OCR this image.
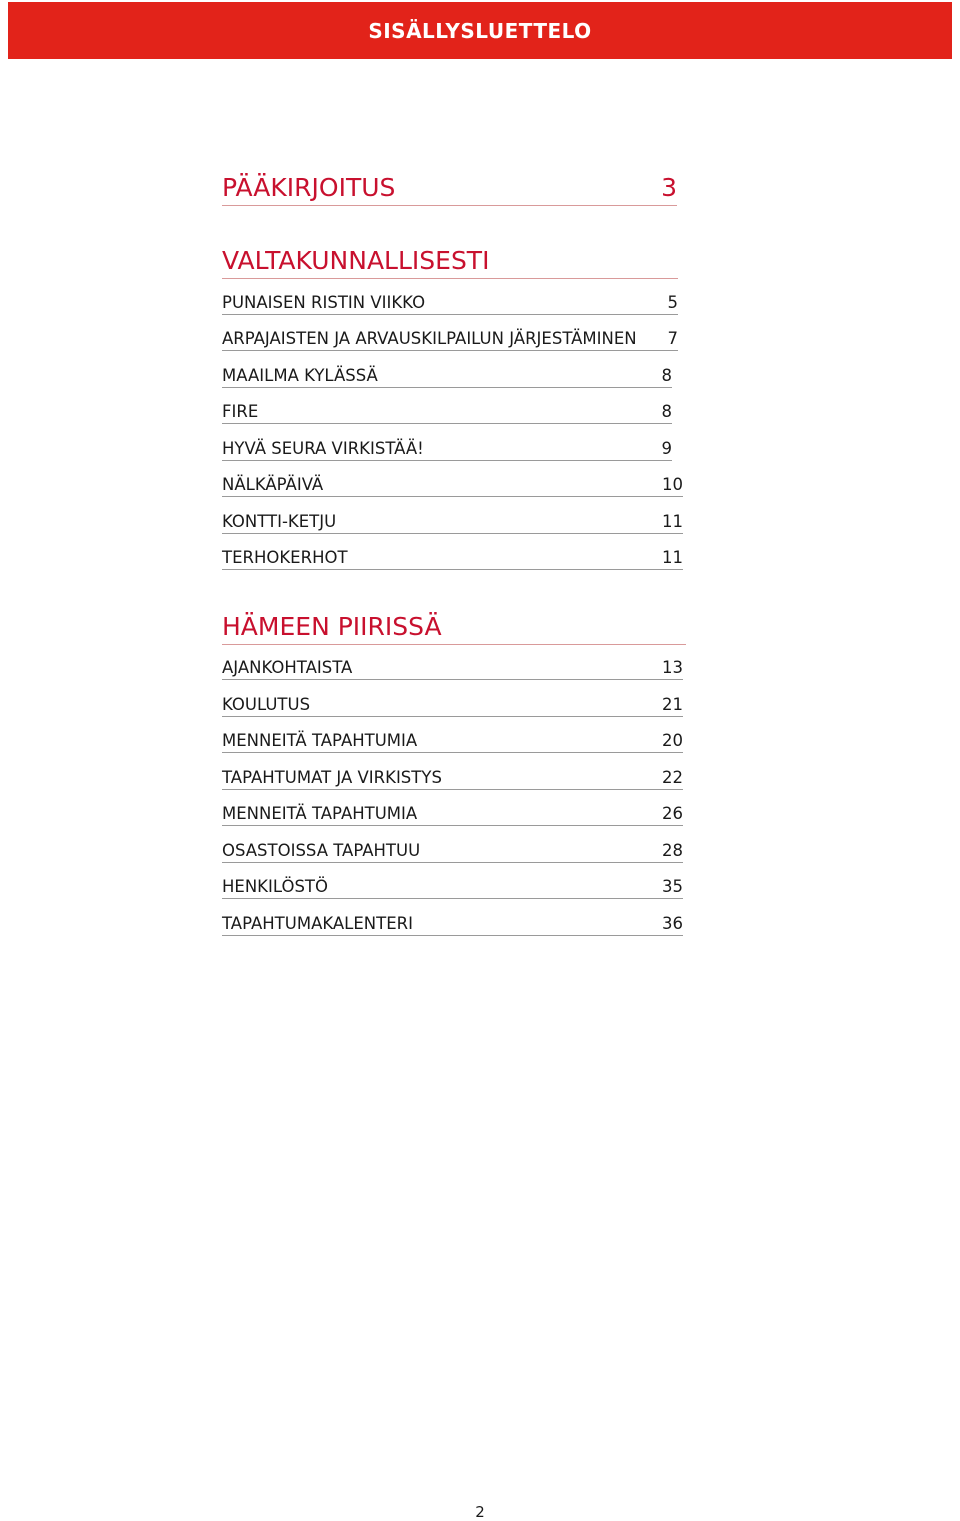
SISÄLLYSLUETTELO
PÄÄKIRJOITUS	3
VALTAKUNNALLISESTI
PUNAISEN RISTIN VIIKKO	5
ARPAJAISTEN JA ARVAUSKILPAILUN JÄRJESTÄMINEN 7
MAAILMA KYLÄSSÄ	8
FIRE	8
HYVÄ SEURA VIRKISTÄÄ!	9
NÄLKÄPÄIVÄ	10
KONTTI-KETJU	11
TERHOKERHOT	11
HÄMEEN PIIRISSÄ
AJANKOHTAISTA	13
KOULUTUS	21
MENNEITÄ TAPAHTUMIA	20
TAPAHTUMAT JA VIRKISTYS	22
MENNEITÄ TAPAHTUMIA	26
OSASTOISSA TAPAHTUU	28
HENKILÖSTÖ	35
TAPAHTUMAKALENTERI	36
2
